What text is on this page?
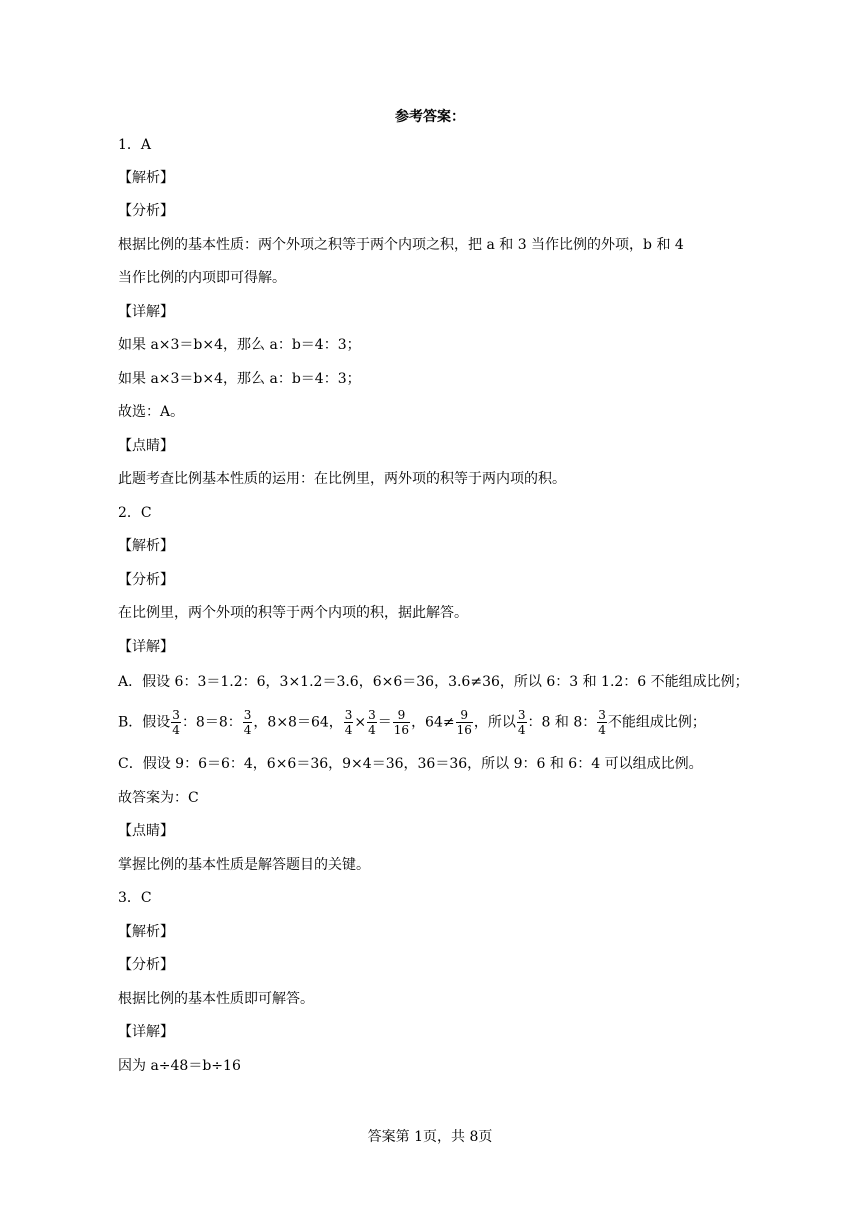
参考答案：
1．A
【解析】
【分析】
根据比例的基本性质：两个外项之积等于两个内项之积，把 a 和 3 当作比例的外项，b 和 4
当作比例的内项即可得解。
【详解】
如果 a×3＝b×4，那么 a：b＝4：3；
如果 a×3＝b×4，那么 a：b＝4：3；
故选：A。
【点睛】
此题考查比例基本性质的运用：在比例里，两外项的积等于两内项的积。
2．C
【解析】
【分析】
在比例里，两个外项的积等于两个内项的积，据此解答。
【详解】
A．假设 6：3＝1.2：6，3×1.2＝3.6，6×6＝36，3.6≠36，所以 6：3 和 1.2：6 不能组成比例；
B．假设 $\frac{3}{4}$ ：8＝8： $\frac{3}{4}$ ，8×8＝64， $\frac{3}{4} \times \frac{3}{4} = \frac{9}{16}$ ，$64\ne \frac{9}{16}$ ，所以 $\frac{3}{4}$ ：8 和 8： $\frac{3}{4}$ 不能组成比例；
C．假设 9：6＝6：4，6×6＝36，9×4＝36，36＝36，所以 9：6 和 6：4 可以组成比例。
故答案为：C
【点睛】
掌握比例的基本性质是解答题目的关键。
3．C
【解析】
【分析】
根据比例的基本性质即可解答。
【详解】
因为 a÷48＝b÷16
答案第 1页，共 8页
